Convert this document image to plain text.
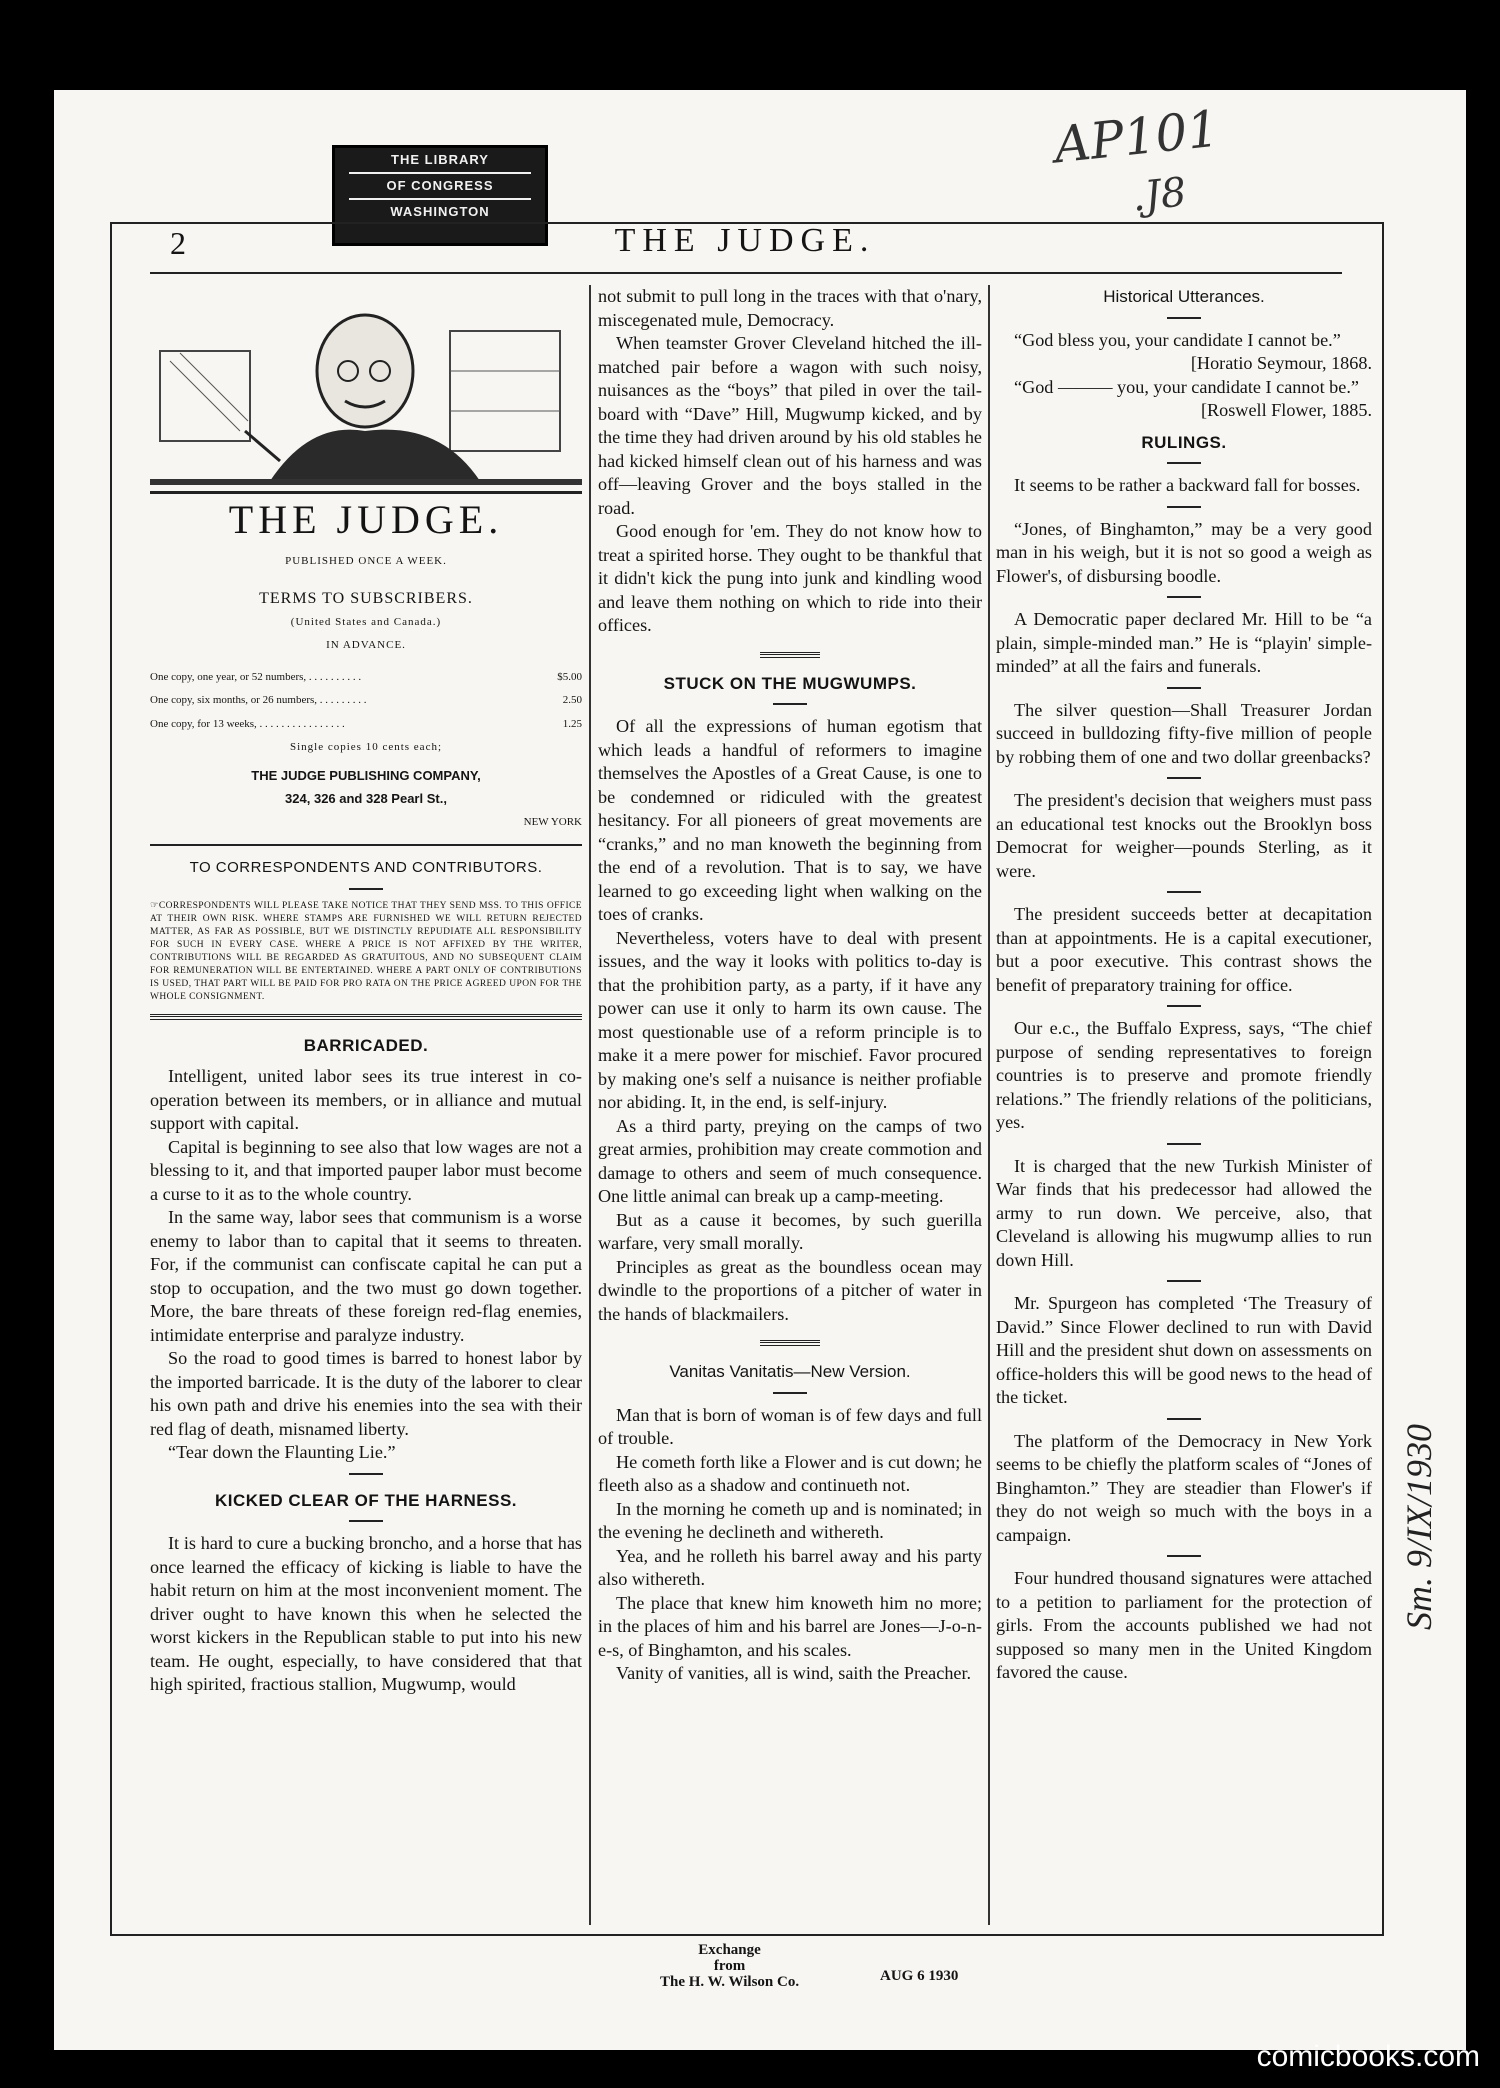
THE LIBRARY
OF CONGRESS
WASHINGTON
AP101
.J8
2	THE JUDGE.
THE JUDGE.
PUBLISHED ONCE A WEEK.
TERMS TO SUBSCRIBERS.
(United States and Canada.)
IN ADVANCE.
One copy, one year, or 52 numbers, . . . . . . . . . .	$5.00
One copy, six months, or 26 numbers, . . . . . . . . .	2.50
One copy, for 13 weeks, . . . . . . . . . . . . . . . .	1.25
Single copies 10 cents each;
THE JUDGE PUBLISHING COMPANY,
324, 326 and 328 Pearl St.,
NEW YORK
TO CORRESPONDENTS AND CONTRIBUTORS.
☞CORRESPONDENTS WILL PLEASE TAKE NOTICE THAT THEY SEND MSS. TO THIS OFFICE AT THEIR OWN RISK. WHERE STAMPS ARE FURNISHED WE WILL RETURN REJECTED MATTER, AS FAR AS POSSIBLE, BUT WE DISTINCTLY REPUDIATE ALL RESPONSIBILITY FOR SUCH IN EVERY CASE. WHERE A PRICE IS NOT AFFIXED BY THE WRITER, CONTRIBUTIONS WILL BE REGARDED AS GRATUITOUS, AND NO SUBSEQUENT CLAIM FOR REMUNERATION WILL BE ENTERTAINED. WHERE A PART ONLY OF CONTRIBUTIONS IS USED, THAT PART WILL BE PAID FOR PRO RATA ON THE PRICE AGREED UPON FOR THE WHOLE CONSIGNMENT.
BARRICADED.

Intelligent, united labor sees its true interest in co-operation between its members, or in alliance and mutual support with capital.

Capital is beginning to see also that low wages are not a blessing to it, and that imported pauper labor must become a curse to it as to the whole country.

In the same way, labor sees that communism is a worse enemy to labor than to capital that it seems to threaten. For, if the communist can confiscate capital he can put a stop to occupation, and the two must go down together. More, the bare threats of these foreign red-flag enemies, intimidate enterprise and paralyze industry.

So the road to good times is barred to honest labor by the imported barricade. It is the duty of the laborer to clear his own path and drive his enemies into the sea with their red flag of death, misnamed liberty.

“Tear down the Flaunting Lie.”

KICKED CLEAR OF THE HARNESS.

It is hard to cure a bucking broncho, and a horse that has once learned the efficacy of kicking is liable to have the habit return on him at the most inconvenient moment. The driver ought to have known this when he selected the worst kickers in the Republican stable to put into his new team. He ought, especially, to have considered that that high spirited, fractious stallion, Mugwump, would

not submit to pull long in the traces with that o'nary, miscegenated mule, Democracy.

When teamster Grover Cleveland hitched the ill-matched pair before a wagon with such noisy, nuisances as the “boys” that piled in over the tail-board with “Dave” Hill, Mugwump kicked, and by the time they had driven around by his old stables he had kicked himself clean out of his harness and was off—leaving Grover and the boys stalled in the road.

Good enough for 'em. They do not know how to treat a spirited horse. They ought to be thankful that it didn't kick the pung into junk and kindling wood and leave them nothing on which to ride into their offices.

STUCK ON THE MUGWUMPS.

Of all the expressions of human egotism that which leads a handful of reformers to imagine themselves the Apostles of a Great Cause, is one to be condemned or ridiculed with the greatest hesitancy. For all pioneers of great movements are “cranks,” and no man knoweth the beginning from the end of a revolution. That is to say, we have learned to go exceeding light when walking on the toes of cranks.

Nevertheless, voters have to deal with present issues, and the way it looks with politics to-day is that the prohibition party, as a party, if it have any power can use it only to harm its own cause. The most questionable use of a reform principle is to make it a mere power for mischief. Favor procured by making one's self a nuisance is neither profiable nor abiding. It, in the end, is self-injury.

As a third party, preying on the camps of two great armies, prohibition may create commotion and damage to others and seem of much consequence. One little animal can break up a camp-meeting.

But as a cause it becomes, by such guerilla warfare, very small morally.

Principles as great as the boundless ocean may dwindle to the proportions of a pitcher of water in the hands of blackmailers.

Vanitas Vanitatis—New Version.

Man that is born of woman is of few days and full of trouble.

He cometh forth like a Flower and is cut down; he fleeth also as a shadow and continueth not.

In the morning he cometh up and is nominated; in the evening he declineth and withereth.

Yea, and he rolleth his barrel away and his party also withereth.

The place that knew him knoweth him no more; in the places of him and his barrel are Jones—J-o-n-e-s, of Binghamton, and his scales.

Vanity of vanities, all is wind, saith the Preacher.

Historical Utterances.

“God bless you, your candidate I cannot be.”

[Horatio Seymour, 1868.

“God ——— you, your candidate I cannot be.”

[Roswell Flower, 1885.
RULINGS.

It seems to be rather a backward fall for bosses.

“Jones, of Binghamton,” may be a very good man in his weigh, but it is not so good a weigh as Flower's, of disbursing boodle.

A Democratic paper declared Mr. Hill to be “a plain, simple-minded man.” He is “playin' simple-minded” at all the fairs and funerals.

The silver question—Shall Treasurer Jordan succeed in bulldozing fifty-five million of people by robbing them of one and two dollar greenbacks?

The president's decision that weighers must pass an educational test knocks out the Brooklyn boss Democrat for weigher—pounds Sterling, as it were.

The president succeeds better at decapitation than at appointments. He is a capital executioner, but a poor executive. This contrast shows the benefit of preparatory training for office.

Our e.c., the Buffalo Express, says, “The chief purpose of sending representatives to foreign countries is to preserve and promote friendly relations.” The friendly relations of the politicians, yes.

It is charged that the new Turkish Minister of War finds that his predecessor had allowed the army to run down. We perceive, also, that Cleveland is allowing his mugwump allies to run down Hill.

Mr. Spurgeon has completed ‘The Treasury of David.” Since Flower declined to run with David Hill and the president shut down on assessments on office-holders this will be good news to the head of the ticket.

The platform of the Democracy in New York seems to be chiefly the platform scales of “Jones of Binghamton.” They are steadier than Flower's if they do not weigh so much with the boys in a campaign.

Four hundred thousand signatures were attached to a petition to parliament for the protection of girls. From the accounts published we had not supposed so many men in the United Kingdom favored the cause.

Exchange
from
The H. W. Wilson Co.	AUG 6 1930
Sm. 9/IX/1930
comicbooks.com
